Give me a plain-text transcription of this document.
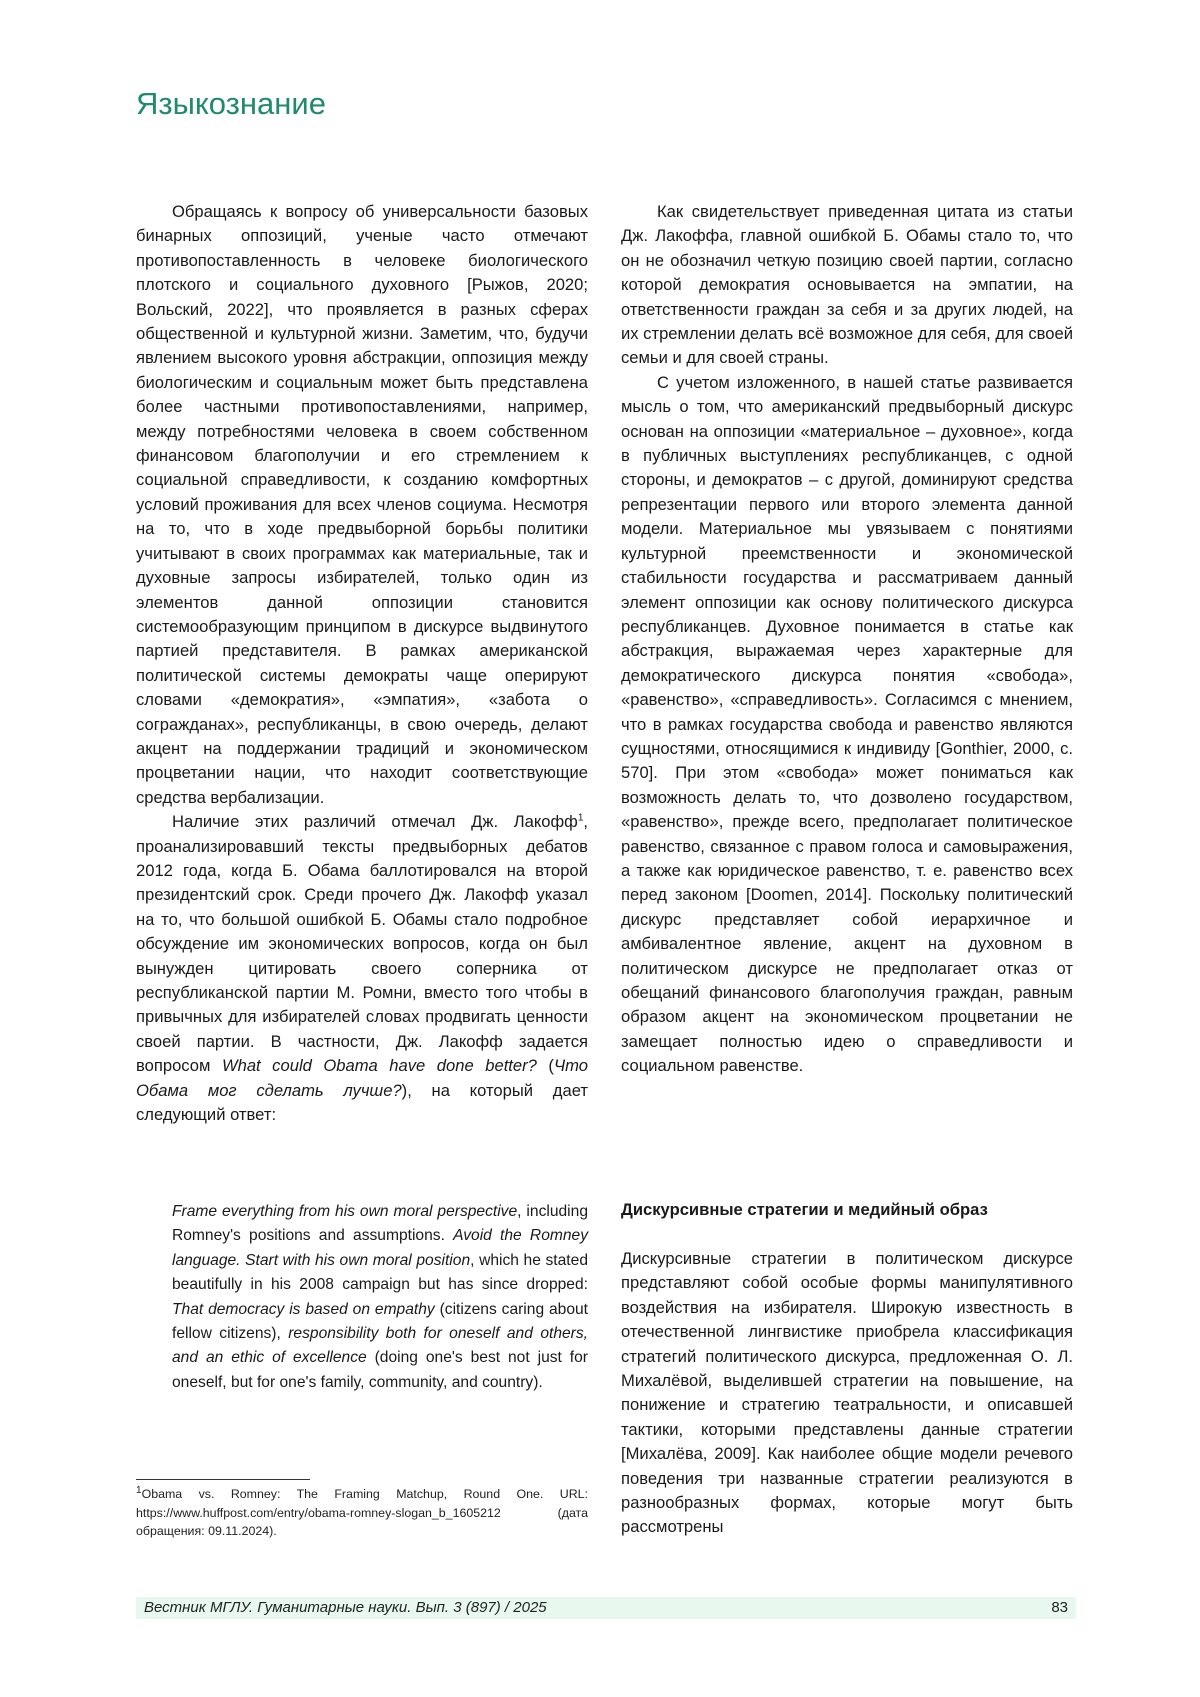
Языкознание

Обращаясь к вопросу об универсальности базовых бинарных оппозиций, ученые часто отмечают противопоставленность в человеке биологического плотского и социального духовного [Рыжов, 2020; Вольский, 2022], что проявляется в разных сферах общественной и культурной жизни. Заметим, что, будучи явлением высокого уровня абстракции, оппозиция между биологическим и социальным может быть представлена более частными противопоставлениями, например, между потребностями человека в своем собственном финансовом благополучии и его стремлением к социальной справедливости, к созданию комфортных условий проживания для всех членов социума. Несмотря на то, что в ходе предвыборной борьбы политики учитывают в своих программах как материальные, так и духовные запросы избирателей, только один из элементов данной оппозиции становится системообразующим принципом в дискурсе выдвинутого партией представителя. В рамках американской политической системы демократы чаще оперируют словами «демократия», «эмпатия», «забота о согражданах», республиканцы, в свою очередь, делают акцент на поддержании традиций и экономическом процветании нации, что находит соответствующие средства вербализации.

Наличие этих различий отмечал Дж. Лакофф1, проанализировавший тексты предвыборных дебатов 2012 года, когда Б. Обама баллотировался на второй президентский срок. Среди прочего Дж. Лакофф указал на то, что большой ошибкой Б. Обамы стало подробное обсуждение им экономических вопросов, когда он был вынужден цитировать своего соперника от республиканской партии М. Ромни, вместо того чтобы в привычных для избирателей словах продвигать ценности своей партии. В частности, Дж. Лакофф задается вопросом What could Obama have done better? (Что Обама мог сделать лучше?), на который дает следующий ответ:

Frame everything from his own moral perspective, including Romney's positions and assumptions. Avoid the Romney language. Start with his own moral position, which he stated beautifully in his 2008 campaign but has since dropped: That democracy is based on empathy (citizens caring about fellow citizens), responsibility both for oneself and others, and an ethic of excellence (doing one's best not just for oneself, but for one's family, community, and country).
1Obama vs. Romney: The Framing Matchup, Round One. URL: https://www.huffpost.com/entry/obama-romney-slogan_b_1605212 (дата обращения: 09.11.2024).

Как свидетельствует приведенная цитата из статьи Дж. Лакоффа, главной ошибкой Б. Обамы стало то, что он не обозначил четкую позицию своей партии, согласно которой демократия основывается на эмпатии, на ответственности граждан за себя и за других людей, на их стремлении делать всё возможное для себя, для своей семьи и для своей страны.

С учетом изложенного, в нашей статье развивается мысль о том, что американский предвыборный дискурс основан на оппозиции «материальное – духовное», когда в публичных выступлениях республиканцев, с одной стороны, и демократов – с другой, доминируют средства репрезентации первого или второго элемента данной модели. Материальное мы увязываем с понятиями культурной преемственности и экономической стабильности государства и рассматриваем данный элемент оппозиции как основу политического дискурса республиканцев. Духовное понимается в статье как абстракция, выражаемая через характерные для демократического дискурса понятия «свобода», «равенство», «справедливость». Согласимся с мнением, что в рамках государства свобода и равенство являются сущностями, относящимися к индивиду [Gonthier, 2000, c. 570]. При этом «свобода» может пониматься как возможность делать то, что дозволено государством, «равенство», прежде всего, предполагает политическое равенство, связанное с правом голоса и самовыражения, а также как юридическое равенство, т. е. равенство всех перед законом [Doomen, 2014]. Поскольку политический дискурс представляет собой иерархичное и амбивалентное явление, акцент на духовном в политическом дискурсе не предполагает отказ от обещаний финансового благополучия граждан, равным образом акцент на экономическом процветании не замещает полностью идею о справедливости и социальном равенстве.

Дискурсивные стратегии и медийный образ

Дискурсивные стратегии в политическом дискурсе представляют собой особые формы манипулятивного воздействия на избирателя. Широкую известность в отечественной лингвистике приобрела классификация стратегий политического дискурса, предложенная О. Л. Михалёвой, выделившей стратегии на повышение, на понижение и стратегию театральности, и описавшей тактики, которыми представлены данные стратегии [Михалёва, 2009]. Как наиболее общие модели речевого поведения три названные стратегии реализуются в разнообразных формах, которые могут быть рассмотрены

Вестник МГЛУ. Гуманитарные науки. Вып. 3 (897) / 2025	83
